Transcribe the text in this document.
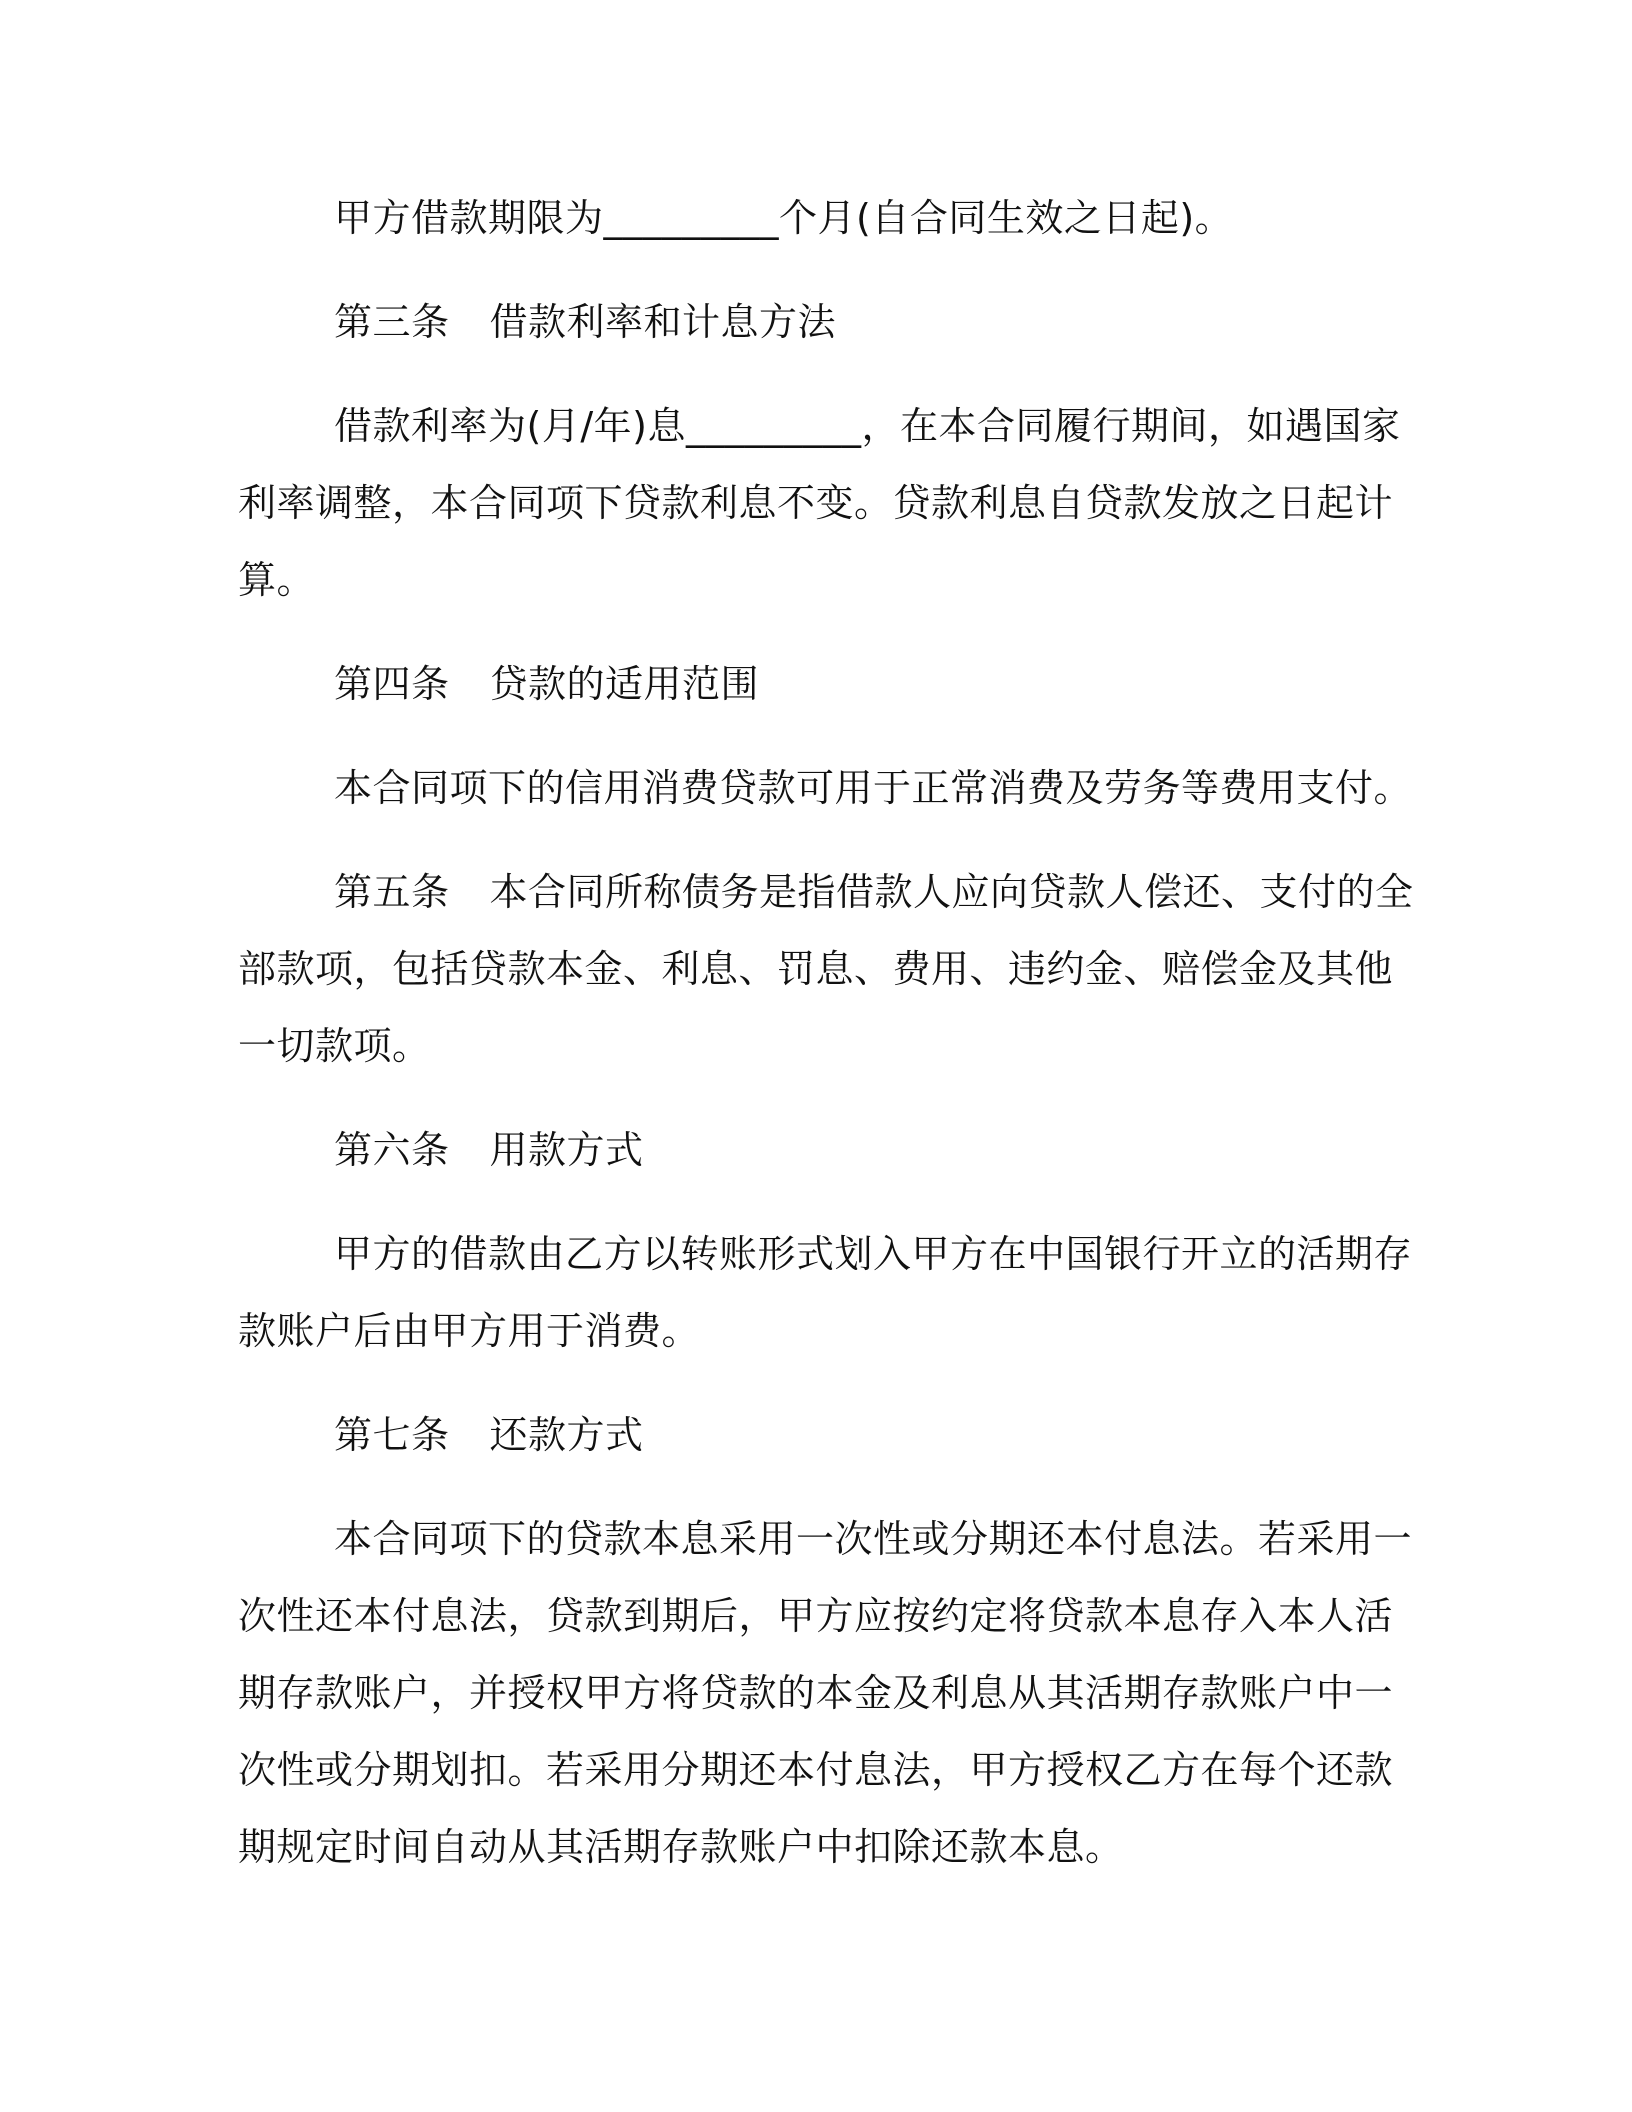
甲方借款期限为_________个月(自合同生效之日起)。
第三条 借款利率和计息方法
借款利率为(月/年)息_________，在本合同履行期间，如遇国家
利率调整，本合同项下贷款利息不变。贷款利息自贷款发放之日起计
算。
第四条 贷款的适用范围
本合同项下的信用消费贷款可用于正常消费及劳务等费用支付。
第五条 本合同所称债务是指借款人应向贷款人偿还、支付的全
部款项，包括贷款本金、利息、罚息、费用、违约金、赔偿金及其他
一切款项。
第六条 用款方式
甲方的借款由乙方以转账形式划入甲方在中国银行开立的活期存
款账户后由甲方用于消费。
第七条 还款方式
本合同项下的贷款本息采用一次性或分期还本付息法。若采用一
次性还本付息法，贷款到期后，甲方应按约定将贷款本息存入本人活
期存款账户，并授权甲方将贷款的本金及利息从其活期存款账户中一
次性或分期划扣。若采用分期还本付息法，甲方授权乙方在每个还款
期规定时间自动从其活期存款账户中扣除还款本息。
